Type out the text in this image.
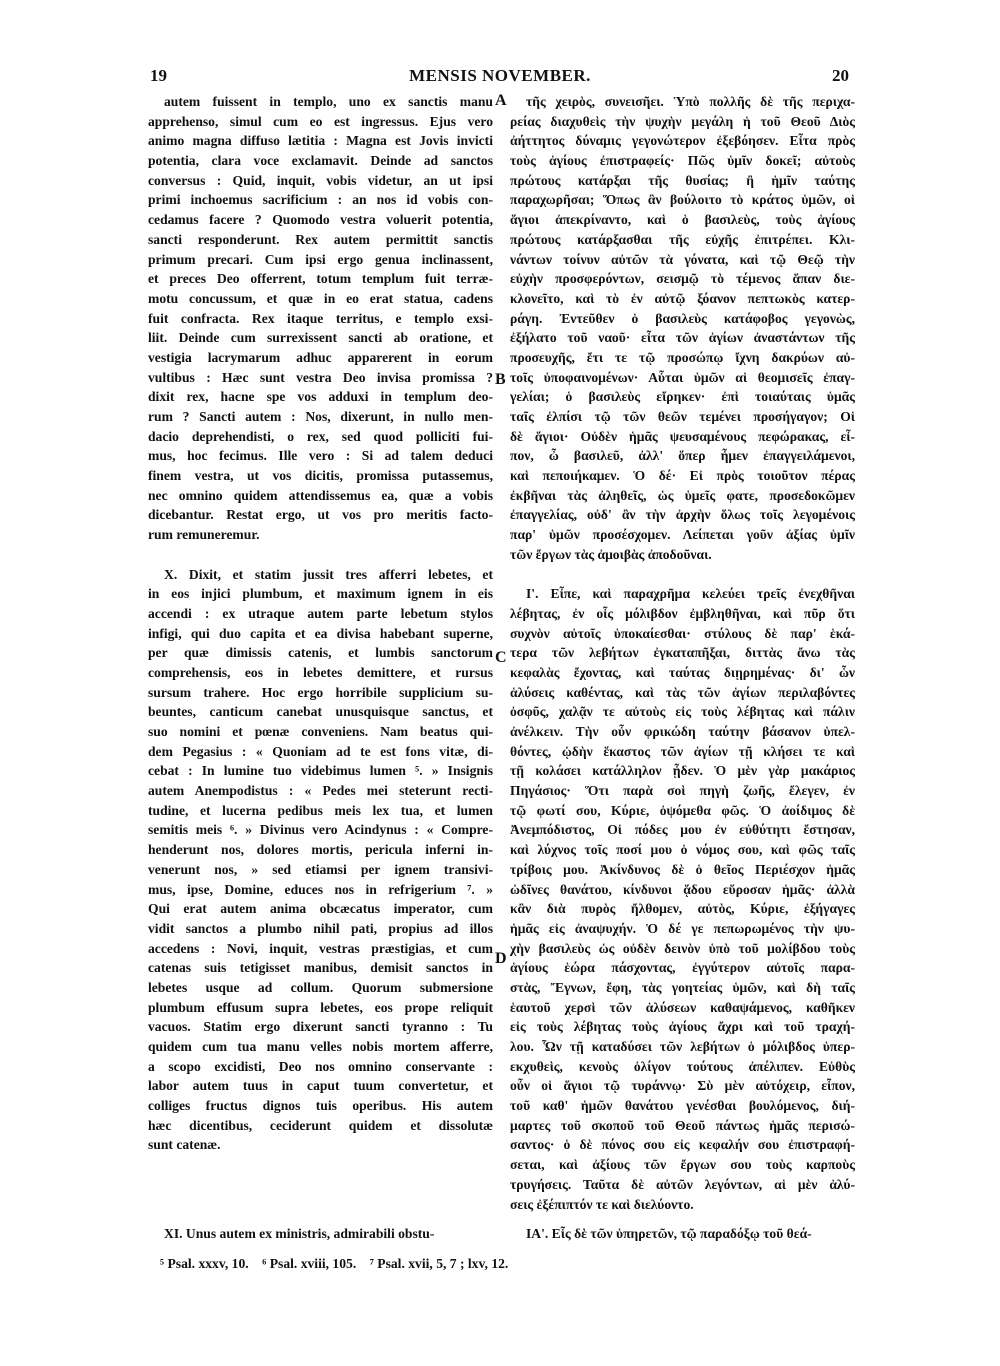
19	MENSIS NOVEMBER.	20
autem fuissent in templo, uno ex sanctis manu
apprehenso, simul cum eo est ingressus. Ejus vero
animo magna diffuso lætitia : Magna est Jovis invicti
potentia, clara voce exclamavit. Deinde ad sanctos
conversus : Quid, inquit, vobis videtur, an ut ipsi
primi inchoemus sacrificium : an nos id vobis con-
cedamus facere ? Quomodo vestra voluerit potentia,
sancti responderunt. Rex autem permittit sanctis
primum precari. Cum ipsi ergo genua inclinassent,
et preces Deo offerrent, totum templum fuit terræ-
motu concussum, et quæ in eo erat statua, cadens
fuit confracta. Rex itaque territus, e templo exsi-
liit. Deinde cum surrexissent sancti ab oratione, et
vestigia lacrymarum adhuc apparerent in eorum
vultibus : Hæc sunt vestra Deo invisa promissa ?
dixit rex, hacne spe vos adduxi in templum deo-
rum ? Sancti autem : Nos, dixerunt, in nullo men-
dacio deprehendisti, o rex, sed quod polliciti fui-
mus, hoc fecimus. Ille vero : Si ad talem deduci
finem vestra, ut vos dicitis, promissa putassemus,
nec omnino quidem attendissemus ea, quæ a vobis
dicebantur. Restat ergo, ut vos pro meritis facto-
rum remuneremur.
X. Dixit, et statim jussit tres afferri lebetes, et
in eos injici plumbum, et maximum ignem in eis
accendi : ex utraque autem parte lebetum stylos
infigi, qui duo capita et ea divisa habebant superne,
per quæ dimissis catenis, et lumbis sanctorum
comprehensis, eos in lebetes demittere, et rursus
sursum trahere. Hoc ergo horribile supplicium su-
beuntes, canticum canebat unusquisque sanctus, et
suo nomini et pœnæ conveniens. Nam beatus qui-
dem Pegasius : « Quoniam ad te est fons vitæ, di-
cebat : In lumine tuo videbimus lumen ⁵. » Insignis
autem Anempodistus : « Pedes mei steterunt recti-
tudine, et lucerna pedibus meis lex tua, et lumen
semitis meis ⁶. » Divinus vero Acindynus : « Compre-
henderunt nos, dolores mortis, pericula inferni in-
venerunt nos, » sed etiamsi per ignem transivi-
mus, ipse, Domine, educes nos in refrigerium ⁷. »
Qui erat autem anima obcæcatus imperator, cum
vidit sanctos a plumbo nihil pati, propius ad illos
accedens : Novi, inquit, vestras præstigias, et cum
catenas suis tetigisset manibus, demisit sanctos in
lebetes usque ad collum. Quorum submersione
plumbum effusum supra lebetes, eos prope reliquit
vacuos. Statim ergo dixerunt sancti tyranno : Tu
quidem cum tua manu velles nobis mortem afferre,
a scopo excidisti, Deo nos omnino conservante :
labor autem tuus in caput tuum convertetur, et
colliges fructus dignos tuis operibus. His autem
hæc dicentibus, ceciderunt quidem et dissolutæ
sunt catenæ.
τῆς χειρὸς, συνεισῆει. Ὑπὸ πολλῆς δὲ τῆς περιχα-
ρείας διαχυθεὶς τὴν ψυχὴν μεγάλη ἡ τοῦ Θεοῦ Διὸς
ἀήττητος δύναμις γεγονώτερον ἐξεβόησεν. Εἶτα πρὸς
τοὺς ἁγίους ἐπιστραφείς· Πῶς ὑμῖν δοκεῖ; αὐτοὺς
πρώτους κατάρξαι τῆς θυσίας; ἢ ἡμῖν ταύτης
παραχωρῆσαι; Ὅπως ἂν βούλοιτο τὸ κράτος ὑμῶν, οἱ
ἅγιοι ἀπεκρίναντο, καὶ ὁ βασιλεὺς, τοὺς ἁγίους
πρώτους κατάρξασθαι τῆς εὐχῆς ἐπιτρέπει. Κλι-
νάντων τοίνυν αὐτῶν τὰ γόνατα, καὶ τῷ Θεῷ τὴν
εὐχὴν προσφερόντων, σεισμῷ τὸ τέμενος ἅπαν διε-
κλονεῖτο, καὶ τὸ ἐν αὐτῷ ξόανον πεπτωκὸς κατερ-
ράγη. Ἐντεῦθεν ὁ βασιλεὺς κατάφοβος γεγονὼς,
ἐξήλατο τοῦ ναοῦ· εἶτα τῶν ἁγίων ἀναστάντων τῆς
προσευχῆς, ἔτι τε τῷ προσώπῳ ἴχνη δακρύων αὐ-
τοῖς ὑποφαινομένων· Αὗται ὑμῶν αἱ θεομισεῖς ἐπαγ-
γελίαι; ὁ βασιλεὺς εἴρηκεν· ἐπὶ τοιαύταις ὑμᾶς
ταῖς ἐλπίσι τῷ τῶν θεῶν τεμένει προσήγαγον; Οἱ
δὲ ἅγιοι· Οὐδὲν ἡμᾶς ψευσαμένους πεφώρακας, εἶ-
πον, ὦ βασιλεῦ, ἀλλ' ὅπερ ἦμεν ἐπαγγειλάμενοι,
καὶ πεποιήκαμεν. Ὁ δέ· Εἰ πρὸς τοιοῦτον πέρας
ἐκβῆναι τὰς ἀληθεῖς, ὡς ὑμεῖς φατε, προσεδοκῶμεν
ἐπαγγελίας, οὐδ' ἂν τὴν ἀρχὴν ὅλως τοῖς λεγομένοις
παρ' ὑμῶν προσέσχομεν. Λείπεται γοῦν ἀξίας ὑμῖν
τῶν ἔργων τὰς ἀμοιβὰς ἀποδοῦναι.
Ι'. Εἶπε, καὶ παραχρῆμα κελεύει τρεῖς ἐνεχθῆναι
λέβητας, ἐν οἷς μόλιβδον ἐμβληθῆναι, καὶ πῦρ ὅτι
συχνὸν αὐτοῖς ὑποκαίεσθαι· στύλους δὲ παρ' ἑκά-
τερα τῶν λεβήτων ἐγκαταπῆξαι, διττὰς ἄνω τὰς
κεφαλὰς ἔχοντας, καὶ ταύτας διῃρημένας· δι' ὧν
ἁλύσεις καθέντας, καὶ τὰς τῶν ἁγίων περιλαβόντες
ὀσφῦς, χαλᾷν τε αὐτοὺς εἰς τοὺς λέβητας καὶ πάλιν
ἀνέλκειν. Τὴν οὖν φρικώδη ταύτην βάσανον ὑπελ-
θόντες, ᾠδὴν ἕκαστος τῶν ἁγίων τῇ κλήσει τε καὶ
τῇ κολάσει κατάλληλον ᾖδεν. Ὁ μὲν γὰρ μακάριος
Πηγάσιος· Ὅτι παρὰ σοὶ πηγὴ ζωῆς, ἔλεγεν, ἐν
τῷ φωτί σου, Κύριε, ὀψόμεθα φῶς. Ὁ ἀοίδιμος δὲ
Ἀνεμπόδιστος, Οἱ πόδες μου ἐν εὐθύτητι ἔστησαν,
καὶ λύχνος τοῖς ποσί μου ὁ νόμος σου, καὶ φῶς ταῖς
τρίβοις μου. Ἀκίνδυνος δὲ ὁ θεῖος Περιέσχον ἡμᾶς
ὠδῖνες θανάτου, κίνδυνοι ᾅδου εὕροσαν ἡμᾶς· ἀλλὰ
κἂν διὰ πυρὸς ἤλθομεν, αὐτὸς, Κύριε, ἐξήγαγες
ἡμᾶς εἰς ἀναψυχήν. Ὁ δέ γε πεπωρωμένος τὴν ψυ-
χὴν βασιλεὺς ὡς οὐδὲν δεινὸν ὑπὸ τοῦ μολίβδου τοὺς
ἁγίους ἑώρα πάσχοντας, ἐγγύτερον αὐτοῖς παρα-
στὰς, Ἔγνων, ἔφη, τὰς γοητείας ὑμῶν, καὶ δὴ ταῖς
ἑαυτοῦ χερσὶ τῶν ἁλύσεων καθαψάμενος, καθῆκεν
εἰς τοὺς λέβητας τοὺς ἁγίους ἄχρι καὶ τοῦ τραχή-
λου. Ὧν τῇ καταδύσει τῶν λεβήτων ὁ μόλιβδος ὑπερ-
εκχυθεὶς, κενοὺς ὀλίγον τούτους ἀπέλιπεν. Εὐθὺς
οὖν οἱ ἅγιοι τῷ τυράννῳ· Σὺ μὲν αὐτόχειρ, εἶπον,
τοῦ καθ' ἡμῶν θανάτου γενέσθαι βουλόμενος, διή-
μαρτες τοῦ σκοποῦ τοῦ Θεοῦ πάντως ἡμᾶς περισώ-
σαντος· ὁ δὲ πόνος σου εἰς κεφαλήν σου ἐπιστραφή-
σεται, καὶ ἀξίους τῶν ἔργων σου τοὺς καρποὺς
τρυγήσεις. Ταῦτα δὲ αὐτῶν λεγόντων, αἱ μὲν ἁλύ-
σεις ἐξέπιπτόν τε καὶ διελύοντο.
XI. Unus autem ex ministris, admirabili obstu-	ΙΑ'. Εἷς δὲ τῶν ὑπηρετῶν, τῷ παραδόξῳ τοῦ θεά-
A
B
C
D
⁵ Psal. xxxv, 10. ⁶ Psal. xviii, 105. ⁷ Psal. xvii, 5, 7 ; lxv, 12.
